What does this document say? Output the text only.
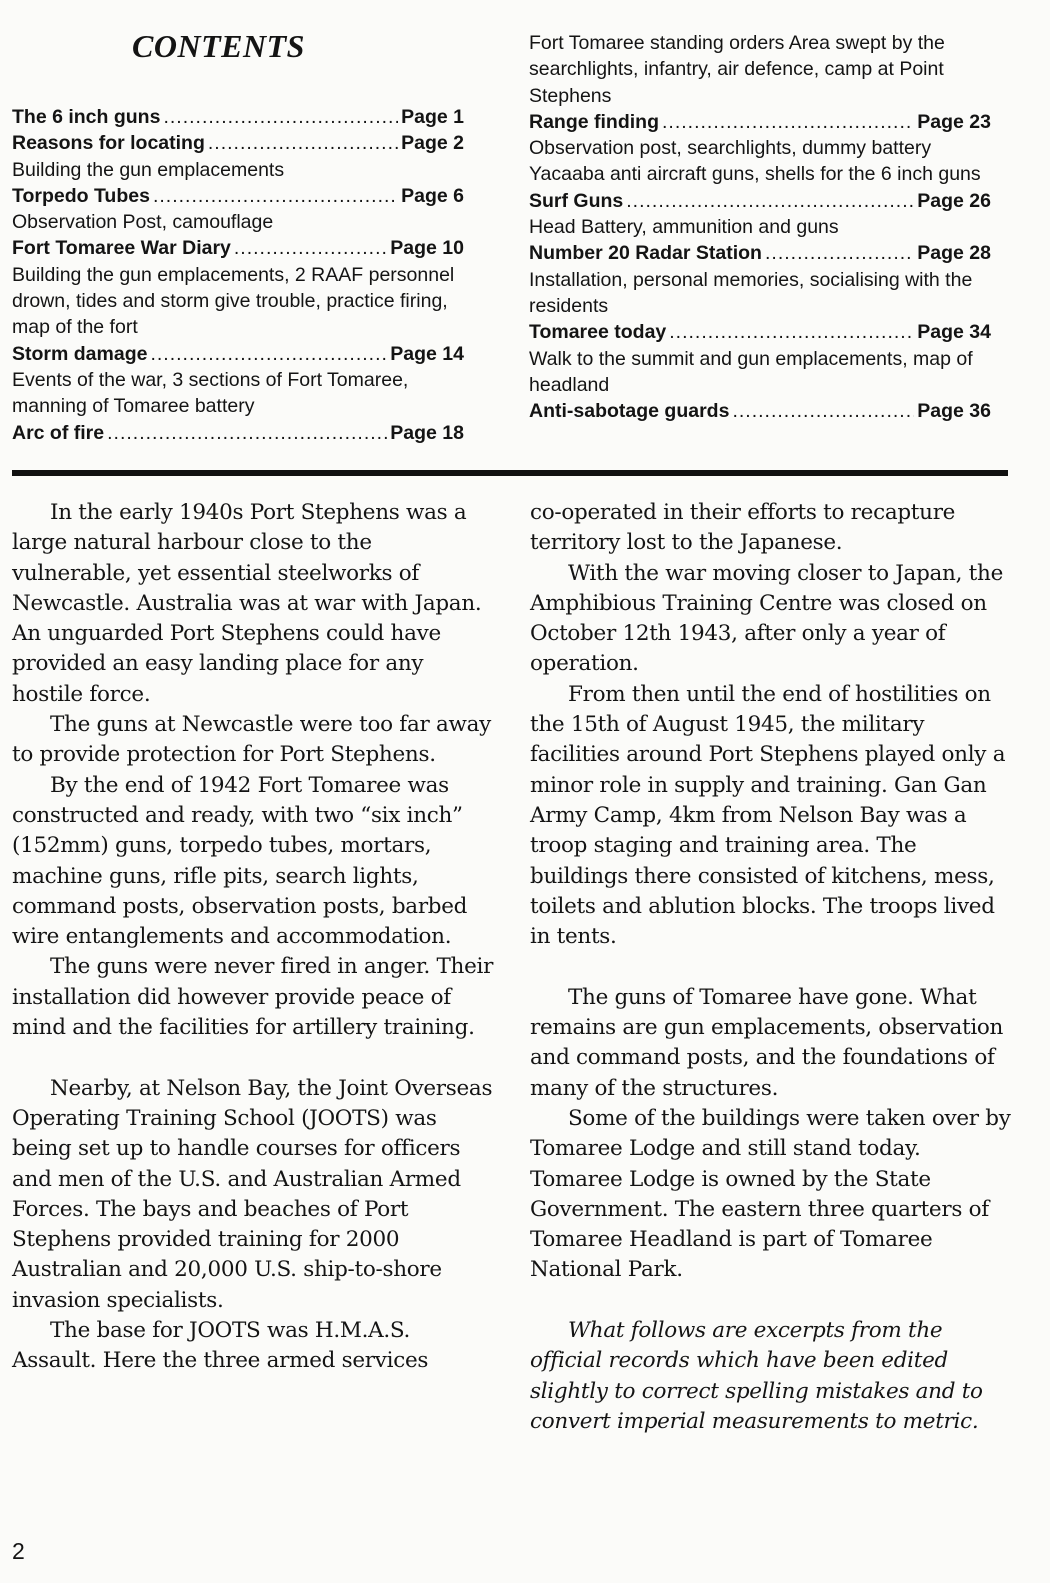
CONTENTS
The 6 inch guns .....	Page 1
Reasons for locating .....	Page 2

Building the gun emplacements

Torpedo Tubes .....	Page 6

Observation Post, camouflage

Fort Tomaree War Diary .....	Page 10

Building the gun emplacements, 2 RAAF personnel drown, tides and storm give trouble, practice firing, map of the fort

Storm damage .....	Page 14

Events of the war, 3 sections of Fort Tomaree, manning of Tomaree battery

Arc of fire .....	Page 18

Fort Tomaree standing orders Area swept by the searchlights, infantry, air defence, camp at Point Stephens

Range finding .....	Page 23

Observation post, searchlights, dummy battery Yacaaba anti aircraft guns, shells for the 6 inch guns

Surf Guns .....	Page 26

Head Battery, ammunition and guns

Number 20 Radar Station .....	Page 28

Installation, personal memories, socialising with the residents

Tomaree today .....	Page 34

Walk to the summit and gun emplacements, map of headland

Anti-sabotage guards .....	Page 36

In the early 1940s Port Stephens was a large natural harbour close to the vulnerable, yet essential steelworks of Newcastle. Australia was at war with Japan. An unguarded Port Stephens could have provided an easy landing place for any hostile force.

The guns at Newcastle were too far away to provide protection for Port Stephens.

By the end of 1942 Fort Tomaree was constructed and ready, with two “six inch” (152mm) guns, torpedo tubes, mortars, machine guns, rifle pits, search lights, command posts, observation posts, barbed wire entanglements and accommodation.

The guns were never fired in anger. Their installation did however provide peace of mind and the facilities for artillery training.

Nearby, at Nelson Bay, the Joint Overseas Operating Training School (JOOTS) was being set up to handle courses for officers and men of the U.S. and Australian Armed Forces. The bays and beaches of Port Stephens provided training for 2000 Australian and 20,000 U.S. ship-to-shore invasion specialists.

The base for JOOTS was H.M.A.S. Assault. Here the three armed services

co-operated in their efforts to recapture territory lost to the Japanese.

With the war moving closer to Japan, the Amphibious Training Centre was closed on October 12th 1943, after only a year of operation.

From then until the end of hostilities on the 15th of August 1945, the military facilities around Port Stephens played only a minor role in supply and training. Gan Gan Army Camp, 4km from Nelson Bay was a troop staging and training area. The buildings there consisted of kitchens, mess, toilets and ablution blocks. The troops lived in tents.

The guns of Tomaree have gone. What remains are gun emplacements, observation and command posts, and the foundations of many of the structures.

Some of the buildings were taken over by Tomaree Lodge and still stand today. Tomaree Lodge is owned by the State Government. The eastern three quarters of Tomaree Headland is part of Tomaree National Park.

What follows are excerpts from the official records which have been edited slightly to correct spelling mistakes and to convert imperial measurements to metric.

2
